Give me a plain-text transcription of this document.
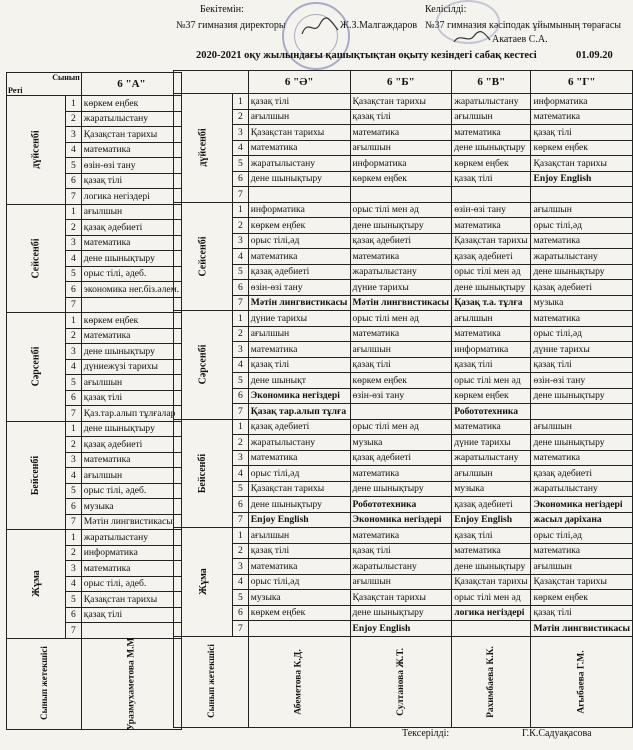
Бекітемін:
№37 гимназия директоры	Ж.З.Малгаждаров
Келісілді:
№37 гимназия кәсіподак ұйымының төрағасы
Акатаев С.А.
2020-2021 оқу жылындағы қашықтықтан оқыту кезіндегі сабақ кестесі	01.09.20
Сынып
Реті		6 "А"
дүйсенбі	1	көркем еңбек
	2	жаратылыстану
	3	Қазақстан тарихы
	4	математика
	5	өзін-өзі тану
	6	қазақ тілі
	7	логика негіздері
Сейсенбі	1	ағылшын
	2	қазақ әдебиеті
	3	математика
	4	дене шынықтыру
	5	орыс тілі, әдеб.
	6	экономика нег.біз.әлем.
	7	
Сәрсенбі	1	көркем еңбек
	2	математика
	3	дене шынықтыру
	4	дүниежүзі тарихы
	5	ағылшын
	6	қазақ тілі
	7	Қаз.тар.алып тұлғалар
Бейсенбі	1	дене шынықтыру
	2	қазақ әдебиеті
	3	математика
	4	ағылшын
	5	орыс тілі, әдеб.
	6	музыка
	7	Мәтін лингвистикасы
Жұма	1	жаратылыстану
	2	информатика
	3	математика
	4	орыс тілі, әдеб.
	5	Қазақстан тарихы
	6	қазақ тілі
	7	
Сынып жетекшісі		Уразмухаметова М.М
		6 "Ә"	6 "Б"	6 "В"	6 "Г"
дүйсенбі	1	қазақ тілі	Қазақстан тарихы	жаратылыстану	информатика
	2	ағылшын	қазақ тілі	ағылшын	математика
	3	Қазақстан тарихы	математика	математика	қазақ тілі
	4	математика	ағылшын	дене шынықтыру	көркем еңбек
	5	жаратылыстану	информатика	көркем еңбек	Қазақстан тарихы
	6	дене шынықтыру	көркем еңбек	қазақ тілі	Enjoy English
	7				
Сейсенбі	1	информатика	орыс тілі мен әд	өзін-өзі тану	ағылшын
	2	көркем еңбек	дене шынықтыру	математика	орыс тілі,әд
	3	орыс тілі,әд	қазақ әдебиеті	Қазақстан тарихы	математика
	4	математика	математика	қазақ әдебиеті	жаратылыстану
	5	қазақ әдебиеті	жаратылыстану	орыс тілі мен әд	дене шынықтыру
	6	өзін-өзі тану	дүние тарихы	дене шынықтыру	қазақ әдебиеті
	7	Мәтін лингвистикасы	Мәтін лингвистикасы	Қазақ т.а. тұлға	музыка
Сәрсенбі	1	дүние тарихы	орыс тілі мен әд	ағылшын	математика
	2	ағылшын	математика	математика	орыс тілі,әд
	3	математика	ағылшын	информатика	дүние тарихы
	4	қазақ тілі	қазақ тілі	қазақ тілі	қазақ тілі
	5	дене шынықт	көркем еңбек	орыс тілі мен әд	өзін-өзі тану
	6	Экономика негіздері	өзін-өзі тану	көркем еңбек	дене шынықтыру
	7	Қазақ тар.алып тұлға		Робототехника	
Бейсенбі	1	қазақ әдебиеті	орыс тілі мен әд	математика	ағылшын
	2	жаратылыстану	музыка	дүние тарихы	дене шынықтыру
	3	математика	қазақ әдебиеті	жаратылыстану	математика
	4	орыс тілі,әд	математика	ағылшын	қазақ әдебиеті
	5	Қазақстан тарихы	дене шынықтыру	музыка	жаратылыстану
	6	дене шынықтыру	Робототехника	қазақ әдебиеті	Экономика негіздері
	7	Enjoy English	Экономика негіздері	Enjoy English	жасыл дәріхана
Жұма	1	ағылшын	математика	қазақ тілі	орыс тілі,әд
	2	қазақ тілі	қазақ тілі	математика	математика
	3	математика	жаратылыстану	дене шынықтыру	ағылшын
	4	орыс тілі,әд	ағылшын	Қазақстан тарихы	Қазақстан тарихы
	5	музыка	Қазақстан тарихы	орыс тілі мен әд	көркем еңбек
	6	көркем еңбек	дене шынықтыру	логика негіздері	қазақ тілі
	7		Enjoy English		Мәтін лингвистикасы
Сынып жетекшісі		Абеметова К.Д.	Султанова Ж.Т.	Рахимбаева К.К.	Агыбаева Г.М.
Тексерілді:	Г.К.Садуақасова
